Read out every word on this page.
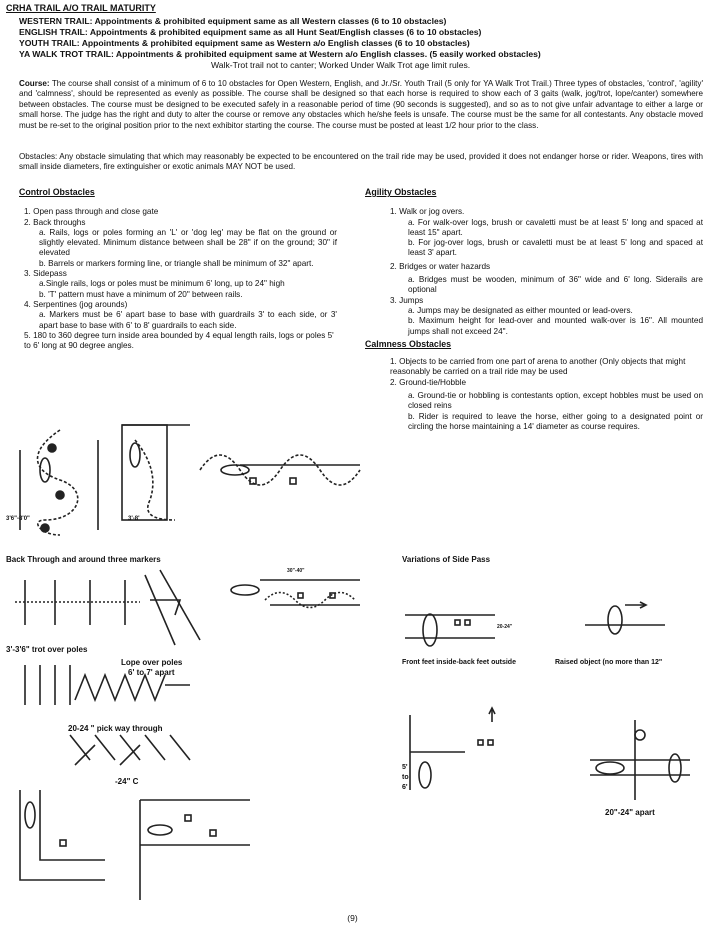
CRHA TRAIL A/O TRAIL MATURITY
WESTERN TRAIL: Appointments & prohibited equipment same as all Western classes (6 to 10 obstacles)
ENGLISH TRAIL: Appointments & prohibited equipment same as all Hunt Seat/English classes (6 to 10 obstacles)
YOUTH TRAIL: Appointments & prohibited equipment same as Western a/o English classes (6 to 10 obstacles)
YA WALK TROT TRAIL: Appointments & prohibited equipment same at Western a/o English classes. (5 easily worked obstacles)
Walk-Trot trail not to canter; Worked Under Walk Trot age limit rules.

Course: The course shall consist of a minimum of 6 to 10 obstacles for Open Western, English, and Jr./Sr. Youth Trail (5 only for YA Walk Trot Trail.) Three types of obstacles, 'control', 'agility' and 'calmness', should be represented as evenly as possible. The course shall be designed so that each horse is required to show each of 3 gaits (walk, jog/trot, lope/canter) somewhere between obstacles. The course must be designed to be executed safely in a reasonable period of time (90 seconds is suggested), and so as to not give unfair advantage to either a large or small horse. The judge has the right and duty to alter the course or remove any obstacles which he/she feels is unsafe. The course must be the same for all contestants. Any obstacle moved must be re-set to the original position prior to the next exhibitor starting the course. The course must be posted at least 1/2 hour prior to the class.

Obstacles: Any obstacle simulating that which may reasonably be expected to be encountered on the trail ride may be used, provided it does not endanger horse or rider. Weapons, tires with small inside diameters, fire extinguisher or exotic animals MAY NOT be used.

Control Obstacles
1. Open pass through and close gate
2. Back throughs
a. Rails, logs or poles forming an 'L' or 'dog leg' may be flat on the ground or slightly elevated. Minimum distance between shall be 28" if on the ground; 30" if elevated
b. Barrels or markers forming line, or triangle shall be minimum of 32" apart.
3. Sidepass
a.Single rails, logs or poles must be minimum 6' long, up to 24" high
b. 'T' pattern must have a minimum of 20" between rails.
4. Serpentines (jog arounds)
a. Markers must be 6' apart base to base with guardrails 3' to each side, or 3' apart base to base with 6' to 8' guardrails to each side.
5. 180 to 360 degree turn inside area bounded by 4 equal length rails, logs or poles 5' to 6' long at 90 degree angles.
Agility Obstacles
1. Walk or jog overs.
a. For walk-over logs, brush or cavaletti must be at least 5' long and spaced at least 15" apart.
b. For jog-over logs, brush or cavaletti must be at least 5' long and spaced at least 3' apart.
2. Bridges or water hazards
a. Bridges must be wooden, minimum of 36" wide and 6' long. Siderails are optional
3. Jumps
a. Jumps may be designated as either mounted or lead-overs.
b. Maximum height for lead-over and mounted walk-over is 16". All mounted jumps shall not exceed 24".
Calmness Obstacles
1. Objects to be carried from one part of arena to another (Only objects that might reasonably be carried on a trail ride may be used
2. Ground-tie/Hobble
a. Ground-tie or hobbling is contestants option, except hobbles must be used on closed reins
b. Rider is required to leave the horse, either going to a designated point or circling the horse maintaining a 14' diameter as course requires.
3'6"-8'0"	3'-8'
Back Through and around three markers
30"-40"
3'-3'6" trot over poles
Lope over poles
6' to 7' apart
20-24 " pick way through
-24" C
Variations of Side Pass
20-24"
Front feet inside-back feet outside	Raised object (no more than 12"
5'
to
6'
20"-24" apart
(9)
